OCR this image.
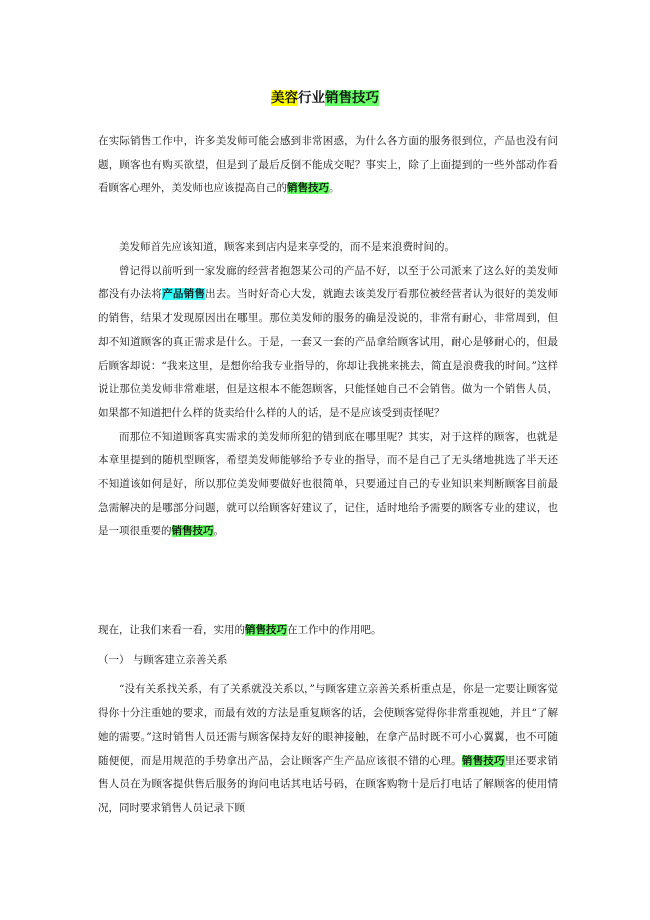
美容行业销售技巧

在实际销售工作中，许多美发师可能会感到非常困惑，为什么各方面的服务很到位，产品也没有问题，顾客也有购买欲望，但是到了最后反倒不能成交呢？事实上，除了上面提到的一些外部动作看看顾客心理外，美发师也应该提高自己的销售技巧。

美发师首先应该知道，顾客来到店内是来享受的，而不是来浪费时间的。

曾记得以前听到一家发廊的经营者抱怨某公司的产品不好，以至于公司派来了这么好的美发师都没有办法将产品销售出去。当时好奇心大发，就跑去该美发厅看那位被经营者认为很好的美发师的销售，结果才发现原因出在哪里。那位美发师的服务的确是没说的，非常有耐心，非常周到，但却不知道顾客的真正需求是什么。于是，一套又一套的产品拿给顾客试用，耐心是够耐心的，但最后顾客却说：“我来这里，是想你给我专业指导的，你却让我挑来挑去，简直是浪费我的时间。”这样说让那位美发师非常难堪，但是这根本不能怨顾客，只能怪她自己不会销售。做为一个销售人员，如果都不知道把什么样的货卖给什么样的人的话，是不是应该受到责怪呢？

而那位不知道顾客真实需求的美发师所犯的错到底在哪里呢？其实，对于这样的顾客，也就是本章里提到的随机型顾客，希望美发师能够给予专业的指导，而不是自己了无头绪地挑选了半天还不知道该如何是好，所以那位美发师要做好也很简单，只要通过自己的专业知识来判断顾客目前最急需解决的是哪部分问题，就可以给顾客好建议了，记住，适时地给予需要的顾客专业的建议，也是一项很重要的销售技巧。

现在，让我们来看一看，实用的销售技巧在工作中的作用吧。

（一） 与顾客建立亲善关系

“没有关系找关系，有了关系就没关系以，”与顾客建立亲善关系析重点是，你是一定要让顾客觉得你十分注重她的要求，而最有效的方法是重复顾客的话，会使顾客觉得你非常重视她，并且“了解她的需要。”这时销售人员还需与顾客保持友好的眼神接触，在拿产品时既不可小心翼翼，也不可随随便便，而是用规范的手势拿出产品，会让顾客产生产品应该很不错的心理。销售技巧里还要求销售人员在为顾客提供售后服务的询问电话其电话号码，在顾客购物十是后打电话了解顾客的使用情况，同时要求销售人员记录下顾
